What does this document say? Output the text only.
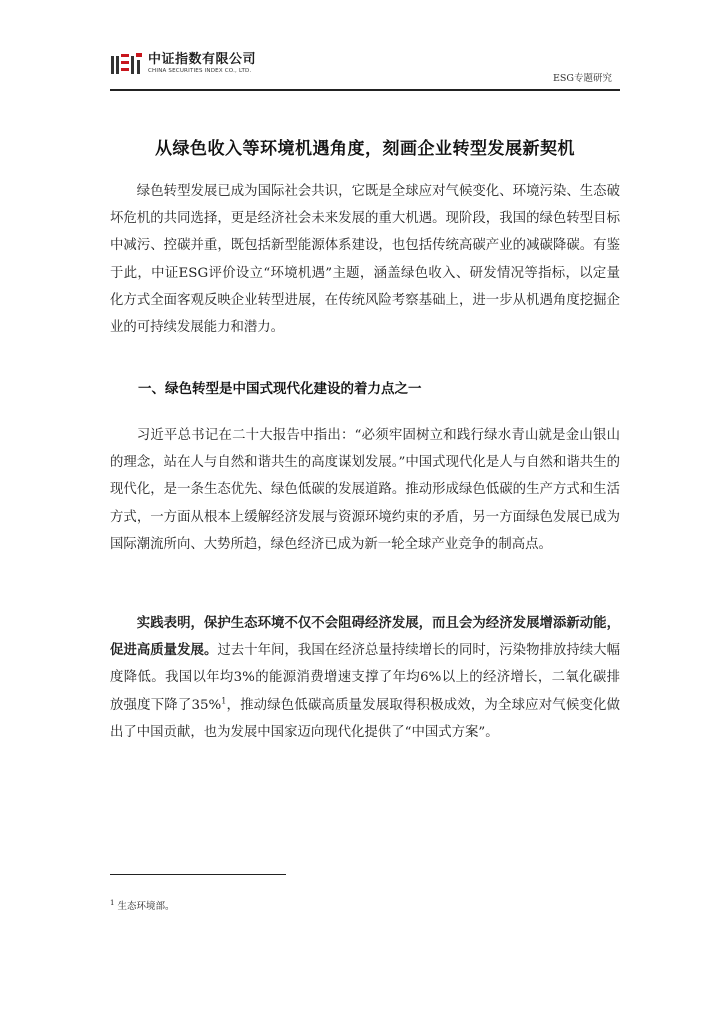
中证指数有限公司
CHINA SECURITIES INDEX CO., LTD.
ESG专题研究
从绿色收入等环境机遇角度，刻画企业转型发展新契机

绿色转型发展已成为国际社会共识，它既是全球应对气候变化、环境污染、生态破坏危机的共同选择，更是经济社会未来发展的重大机遇。现阶段，我国的绿色转型目标中减污、控碳并重，既包括新型能源体系建设，也包括传统高碳产业的减碳降碳。有鉴于此，中证ESG评价设立“环境机遇”主题，涵盖绿色收入、研发情况等指标，以定量化方式全面客观反映企业转型进展，在传统风险考察基础上，进一步从机遇角度挖掘企业的可持续发展能力和潜力。

一、绿色转型是中国式现代化建设的着力点之一

习近平总书记在二十大报告中指出：“必须牢固树立和践行绿水青山就是金山银山的理念，站在人与自然和谐共生的高度谋划发展。”中国式现代化是人与自然和谐共生的现代化，是一条生态优先、绿色低碳的发展道路。推动形成绿色低碳的生产方式和生活方式，一方面从根本上缓解经济发展与资源环境约束的矛盾，另一方面绿色发展已成为国际潮流所向、大势所趋，绿色经济已成为新一轮全球产业竞争的制高点。

实践表明，保护生态环境不仅不会阻碍经济发展，而且会为经济发展增添新动能，促进高质量发展。过去十年间，我国在经济总量持续增长的同时，污染物排放持续大幅度降低。我国以年均3%的能源消费增速支撑了年均6%以上的经济增长，二氧化碳排放强度下降了35%$^1$，推动绿色低碳高质量发展取得积极成效，为全球应对气候变化做出了中国贡献，也为发展中国家迈向现代化提供了“中国式方案”。

$^1$ 生态环境部。
